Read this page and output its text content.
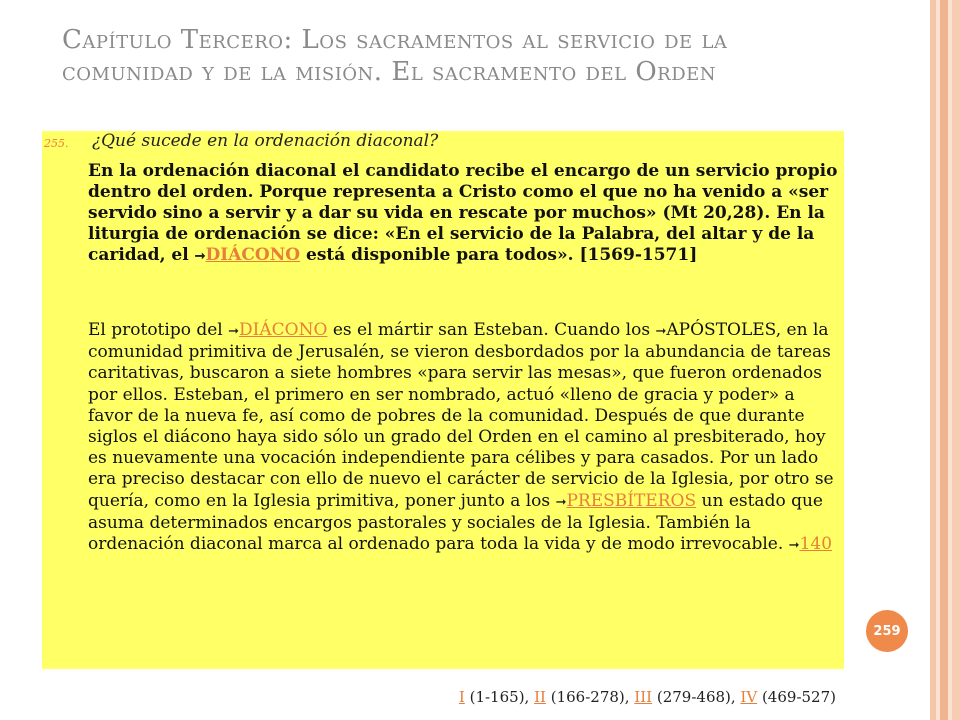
Capítulo Tercero: Los sacramentos al servicio de la comunidad y de la misión. El sacramento del Orden
255. ¿Qué sucede en la ordenación diaconal?
En la ordenación diaconal el candidato recibe el encargo de un servicio propio dentro del orden. Porque representa a Cristo como el que no ha venido a «ser servido sino a servir y a dar su vida en rescate por muchos» (Mt 20,28). En la liturgia de ordenación se dice: «En el servicio de la Palabra, del altar y de la caridad, el ➞DIÁCONO está disponible para todos». [1569-1571]
El prototipo del ➞DIÁCONO es el mártir san Esteban. Cuando los ➞APÓSTOLES, en la comunidad primitiva de Jerusalén, se vieron desbordados por la abundancia de tareas caritativas, buscaron a siete hombres «para servir las mesas», que fueron ordenados por ellos. Esteban, el primero en ser nombrado, actuó «lleno de gracia y poder» a favor de la nueva fe, así como de pobres de la comunidad. Después de que durante siglos el diácono haya sido sólo un grado del Orden en el camino al presbiterado, hoy es nuevamente una vocación independiente para célibes y para casados. Por un lado era preciso destacar con ello de nuevo el carácter de servicio de la Iglesia, por otro se quería, como en la Iglesia primitiva, poner junto a los ➞PRESBÍTEROS un estado que asuma determinados encargos pastorales y sociales de la Iglesia. También la ordenación diaconal marca al ordenado para toda la vida y de modo irrevocable. ➞140
259
I (1-165), II (166-278), III (279-468), IV (469-527)
